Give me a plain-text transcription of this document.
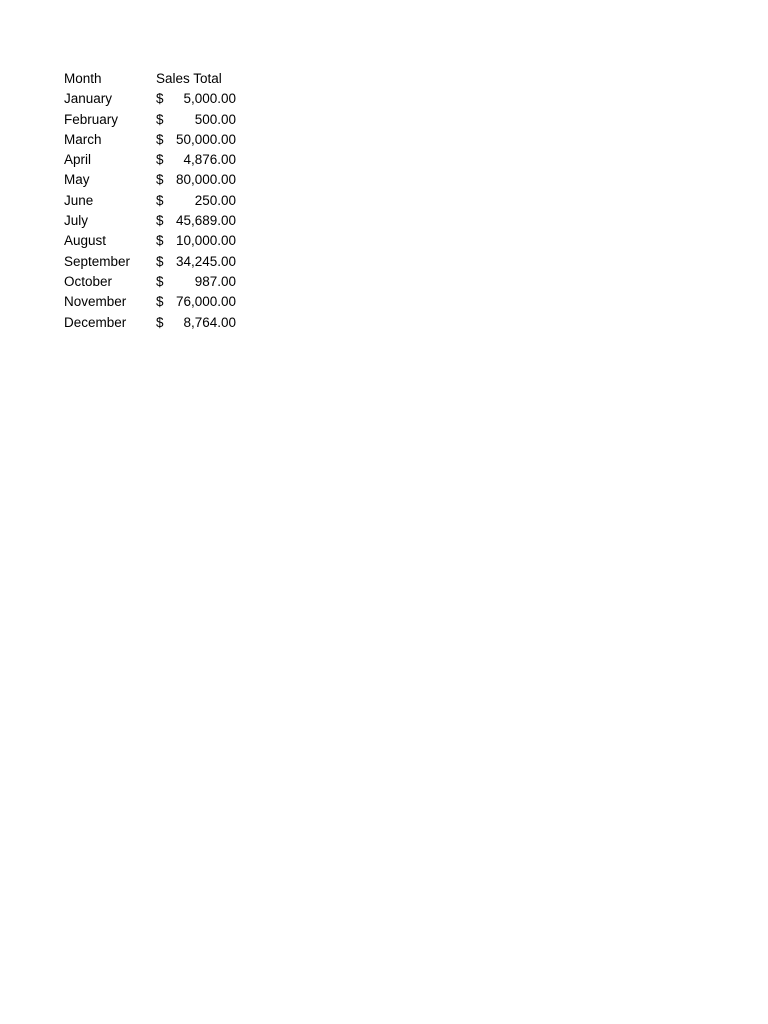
Month	Sales Total	
January	$	5,000.00
February	$	500.00
March	$	50,000.00
April	$	4,876.00
May	$	80,000.00
June	$	250.00
July	$	45,689.00
August	$	10,000.00
September	$	34,245.00
October	$	987.00
November	$	76,000.00
December	$	8,764.00
